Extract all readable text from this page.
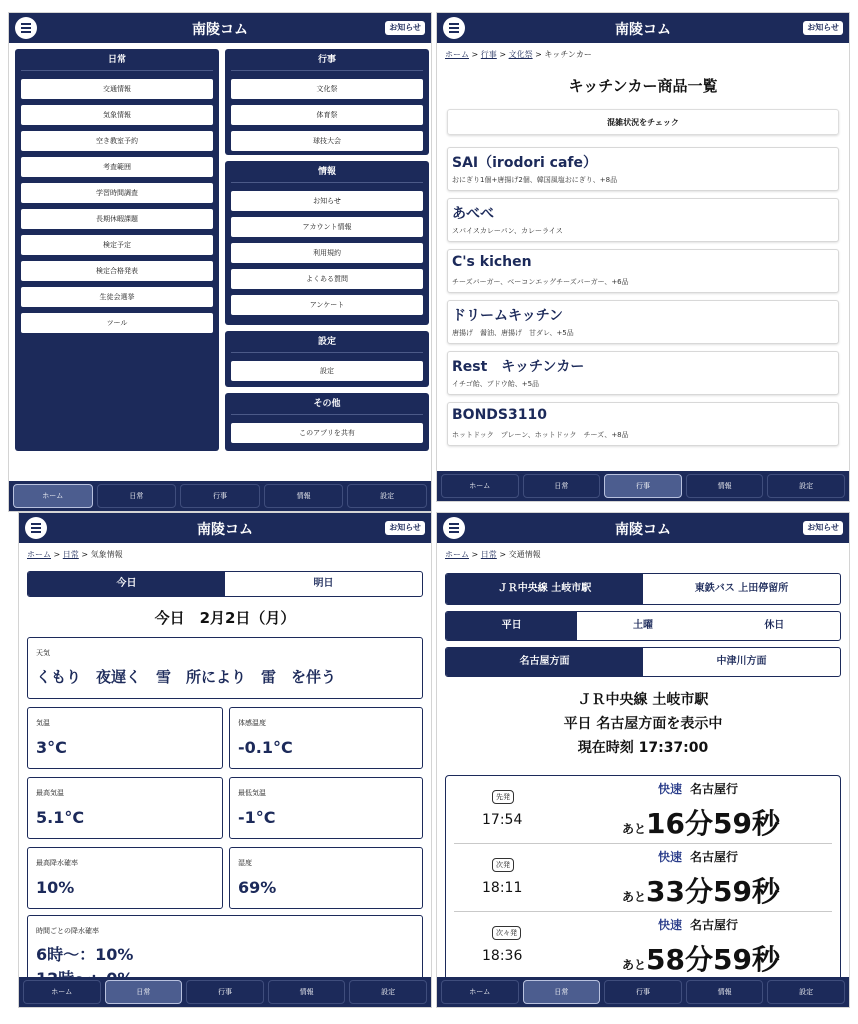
南陵コム	お知らせ
日常
交通情報
気象情報
空き教室予約
考査範囲
学習時間調査
長期休暇課題
検定予定
検定合格発表
生徒会選挙
ツール
行事
文化祭
体育祭
球技大会
情報
お知らせ
アカウント情報
利用規約
よくある質問
アンケート
設定
設定
その他
このアプリを共有
ホーム	日常	行事	情報	設定
南陵コム	お知らせ
ホーム > 行事 > 文化祭 > キッチンカー
キッチンカー商品一覧
混雑状況をチェック
SAI（irodori cafe）
おにぎり1個+唐揚げ2個、韓国風塩おにぎり、+8品
あべべ
スパイスカレーパン、カレーライス
C's kichen
チーズバーガー、ベーコンエッグチーズバーガー、+6品
ドリームキッチン
唐揚げ　醤油、唐揚げ　甘ダレ、+5品
Rest　キッチンカー
イチゴ飴、ブドウ飴、+5品
BONDS3110
ホットドック　プレーン、ホットドック　チーズ、+8品
ホーム	日常	行事	情報	設定
南陵コム	お知らせ
ホーム > 日常 > 気象情報
今日	明日
今日　2月2日（月）
天気
くもり　夜遅く　雪　所により　雷　を伴う
気温
3°C
体感温度
-0.1°C
最高気温
5.1°C
最低気温
-1°C
最高降水確率
10%
湿度
69%
時間ごとの降水確率
6時〜：10%
ホーム	日常	行事	情報	設定
南陵コム	お知らせ
ホーム > 日常 > 交通情報
ＪＲ中央線 土岐市駅	東鉄バス 上田停留所
平日	土曜	休日
名古屋方面	中津川方面
ＪＲ中央線 土岐市駅
平日 名古屋方面を表示中
現在時刻 17:37:00
先発
17:54
快速 名古屋行
あと16分59秒
次発
18:11
快速 名古屋行
あと33分59秒
次々発
18:36
快速 名古屋行
あと58分59秒
ホーム	日常	行事	情報	設定
